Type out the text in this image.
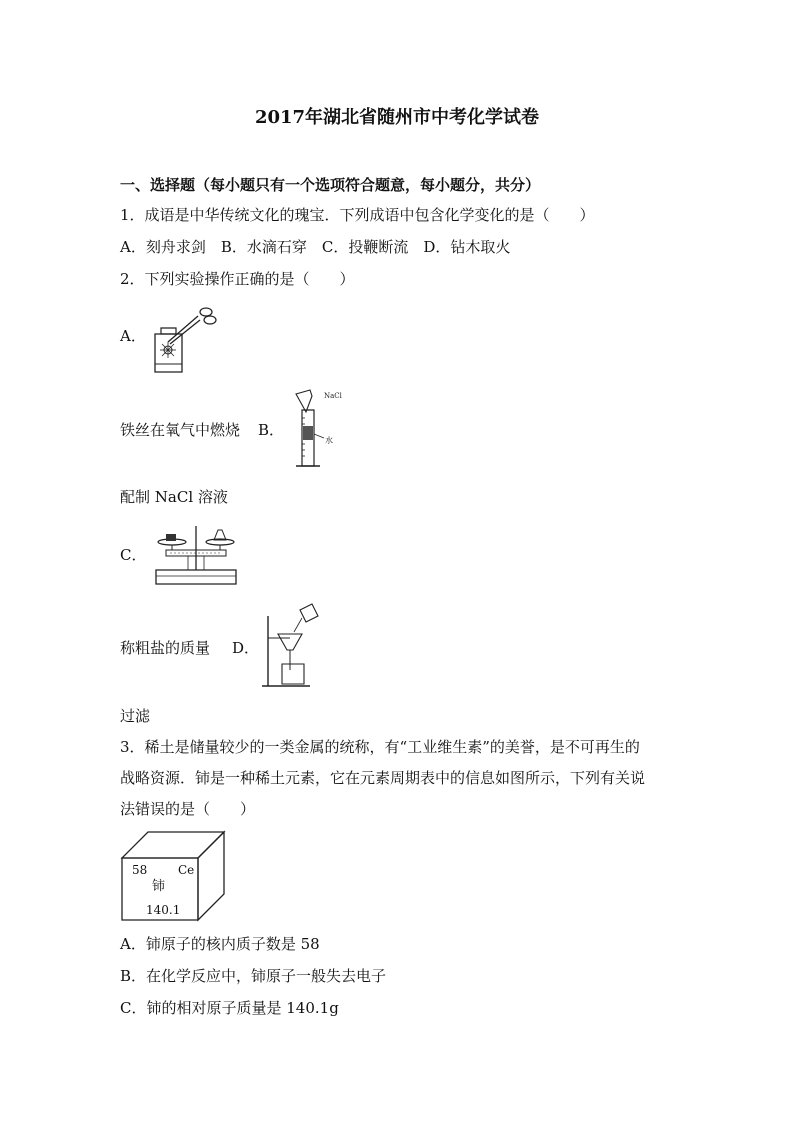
2017年湖北省随州市中考化学试卷
一、选择题（每小题只有一个选项符合题意，每小题分，共分）
1．成语是中华传统文化的瑰宝．下列成语中包含化学变化的是（　　）
A．刻舟求剑　B．水滴石穿　C．投鞭断流　D．钻木取火
2．下列实验操作正确的是（　　）
A．
铁丝在氧气中燃烧 B．
NaCl
水
配制 NaCl 溶液
C．
称粗盐的质量 D．
过滤
3．稀土是储量较少的一类金属的统称，有“工业维生素”的美誉，是不可再生的
战略资源．铈是一种稀土元素，它在元素周期表中的信息如图所示，下列有关说
法错误的是（　　）
58	Ce
铈
140.1
A．铈原子的核内质子数是 58
B．在化学反应中，铈原子一般失去电子
C．铈的相对原子质量是 140.1g
